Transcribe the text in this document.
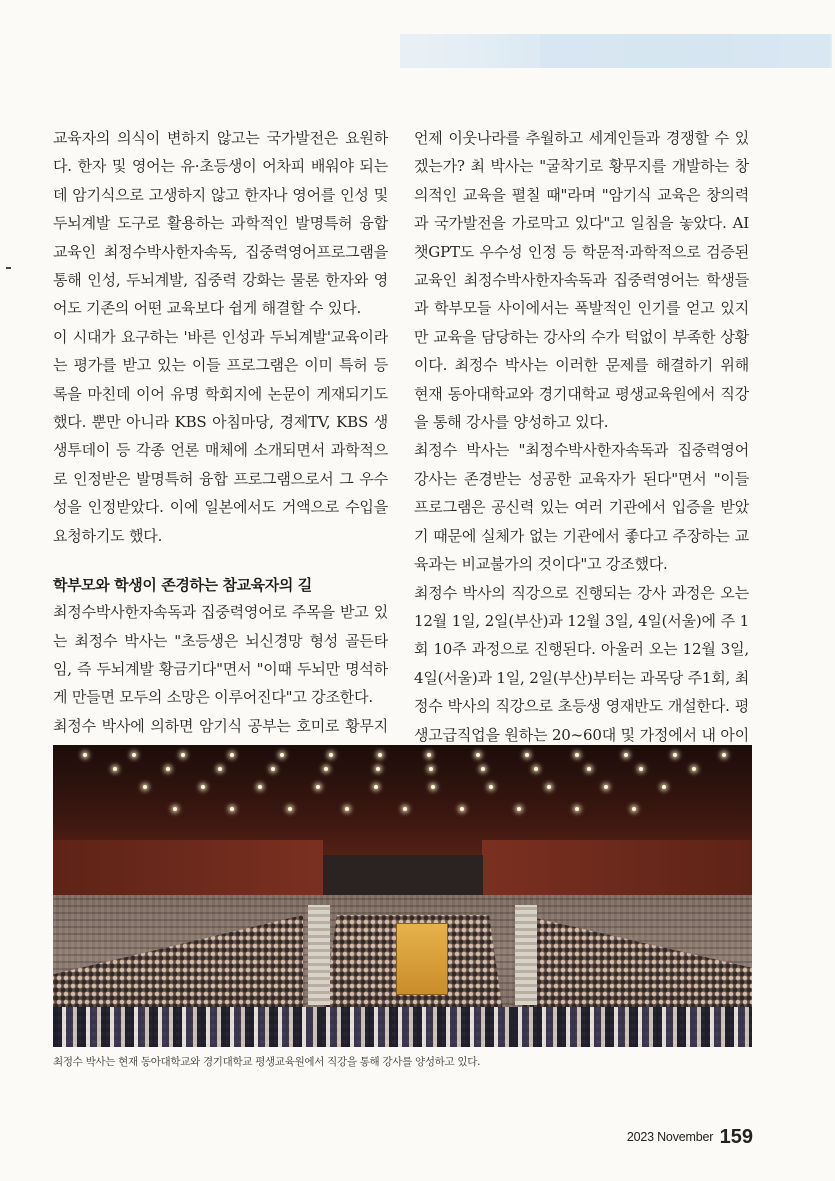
교육자의 의식이 변하지 않고는 국가발전은 요원하다. 한자 및 영어는 유·초등생이 어차피 배워야 되는데 암기식으로 고생하지 않고 한자나 영어를 인성 및 두뇌계발 도구로 활용하는 과학적인 발명특허 융합교육인 최정수박사한자속독, 집중력영어프로그램을 통해 인성, 두뇌계발, 집중력 강화는 물론 한자와 영어도 기존의 어떤 교육보다 쉽게 해결할 수 있다.

이 시대가 요구하는 '바른 인성과 두뇌계발'교육이라는 평가를 받고 있는 이들 프로그램은 이미 특허 등록을 마친데 이어 유명 학회지에 논문이 게재되기도 했다. 뿐만 아니라 KBS 아침마당, 경제TV, KBS 생생투데이 등 각종 언론 매체에 소개되면서 과학적으로 인정받은 발명특허 융합 프로그램으로서 그 우수성을 인정받았다. 이에 일본에서도 거액으로 수입을 요청하기도 했다.

학부모와 학생이 존경하는 참교육자의 길

최정수박사한자속독과 집중력영어로 주목을 받고 있는 최정수 박사는 "초등생은 뇌신경망 형성 골든타임, 즉 두뇌계발 황금기다"면서 "이때 두뇌만 명석하게 만들면 모두의 소망은 이루어진다"고 강조한다.

최정수 박사에 의하면 암기식 공부는 호미로 황무지

언제 이웃나라를 추월하고 세계인들과 경쟁할 수 있겠는가? 최 박사는 "굴착기로 황무지를 개발하는 창의적인 교육을 펼칠 때"라며 "암기식 교육은 창의력과 국가발전을 가로막고 있다"고 일침을 놓았다. AI 챗GPT도 우수성 인정 등 학문적·과학적으로 검증된 교육인 최정수박사한자속독과 집중력영어는 학생들과 학부모들 사이에서는 폭발적인 인기를 얻고 있지만 교육을 담당하는 강사의 수가 턱없이 부족한 상황이다. 최정수 박사는 이러한 문제를 해결하기 위해 현재 동아대학교와 경기대학교 평생교육원에서 직강을 통해 강사를 양성하고 있다.

최정수 박사는 "최정수박사한자속독과 집중력영어 강사는 존경받는 성공한 교육자가 된다"면서 "이들 프로그램은 공신력 있는 여러 기관에서 입증을 받았기 때문에 실체가 없는 기관에서 좋다고 주장하는 교육과는 비교불가의 것이다"고 강조했다.

최정수 박사의 직강으로 진행되는 강사 과정은 오는 12월 1일, 2일(부산)과 12월 3일, 4일(서울)에 주 1회 10주 과정으로 진행된다. 아울러 오는 12월 3일, 4일(서울)과 1일, 2일(부산)부터는 과목당 주1회, 최정수 박사의 직강으로 초등생 영재반도 개설한다. 평생고급직업을 원하는 20~60대 및 가정에서 내 아이

최정수 박사는 현재 동아대학교와 경기대학교 평생교육원에서 직강을 통해 강사를 양성하고 있다.
2023 November 159
